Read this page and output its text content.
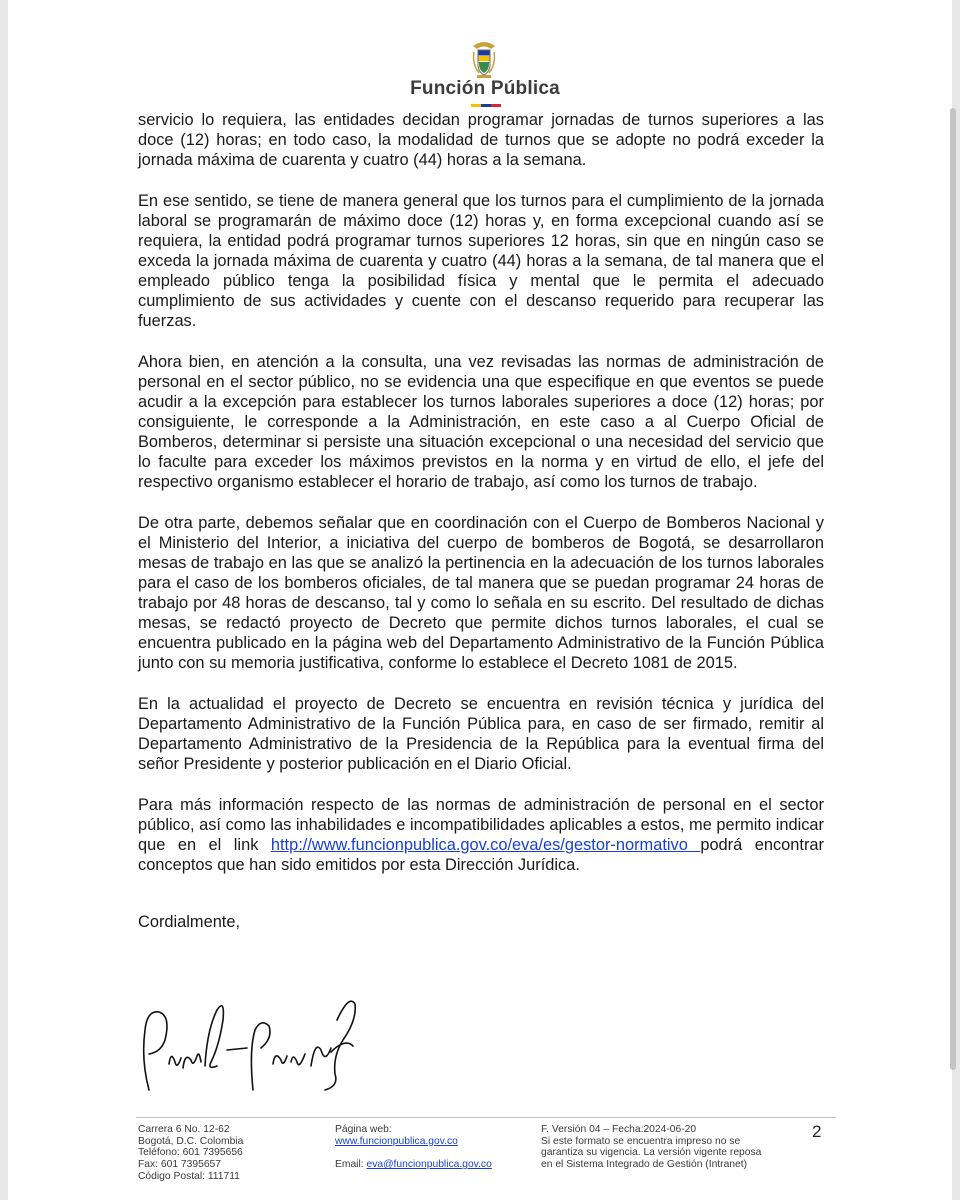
Función Pública

servicio lo requiera, las entidades decidan programar jornadas de turnos superiores a las doce (12) horas; en todo caso, la modalidad de turnos que se adopte no podrá exceder la jornada máxima de cuarenta y cuatro (44) horas a la semana.

En ese sentido, se tiene de manera general que los turnos para el cumplimiento de la jornada laboral se programarán de máximo doce (12) horas y, en forma excepcional cuando así se requiera, la entidad podrá programar turnos superiores 12 horas, sin que en ningún caso se exceda la jornada máxima de cuarenta y cuatro (44) horas a la semana, de tal manera que el empleado público tenga la posibilidad física y mental que le permita el adecuado cumplimiento de sus actividades y cuente con el descanso requerido para recuperar las fuerzas.

Ahora bien, en atención a la consulta, una vez revisadas las normas de administración de personal en el sector público, no se evidencia una que especifique en que eventos se puede acudir a la excepción para establecer los turnos laborales superiores a doce (12) horas; por consiguiente, le corresponde a la Administración, en este caso a al Cuerpo Oficial de Bomberos, determinar si persiste una situación excepcional o una necesidad del servicio que lo faculte para exceder los máximos previstos en la norma y en virtud de ello, el jefe del respectivo organismo establecer el horario de trabajo, así como los turnos de trabajo.

De otra parte, debemos señalar que en coordinación con el Cuerpo de Bomberos Nacional y el Ministerio del Interior, a iniciativa del cuerpo de bomberos de Bogotá, se desarrollaron mesas de trabajo en las que se analizó la pertinencia en la adecuación de los turnos laborales para el caso de los bomberos oficiales, de tal manera que se puedan programar 24 horas de trabajo por 48 horas de descanso, tal y como lo señala en su escrito. Del resultado de dichas mesas, se redactó proyecto de Decreto que permite dichos turnos laborales, el cual se encuentra publicado en la página web del Departamento Administrativo de la Función Pública junto con su memoria justificativa, conforme lo establece el Decreto 1081 de 2015.

En la actualidad el proyecto de Decreto se encuentra en revisión técnica y jurídica del Departamento Administrativo de la Función Pública para, en caso de ser firmado, remitir al Departamento Administrativo de la Presidencia de la República para la eventual firma del señor Presidente y posterior publicación en el Diario Oficial.

Para más información respecto de las normas de administración de personal en el sector público, así como las inhabilidades e incompatibilidades aplicables a estos, me permito indicar que en el link http://www.funcionpublica.gov.co/eva/es/gestor-normativo podrá encontrar conceptos que han sido emitidos por esta Dirección Jurídica.

Cordialmente,
Carrera 6 No. 12-62
Bogotá, D.C. Colombia
Teléfono: 601 7395656
Fax: 601 7395657
Código Postal: 111711
Página web:
www.funcionpublica.gov.co
Email: eva@funcionpublica.gov.co
F. Versión 04 – Fecha:2024-06-20
Si este formato se encuentra impreso no se
garantiza su vigencia. La versión vigente reposa
en el Sistema Integrado de Gestión (Intranet)
2
